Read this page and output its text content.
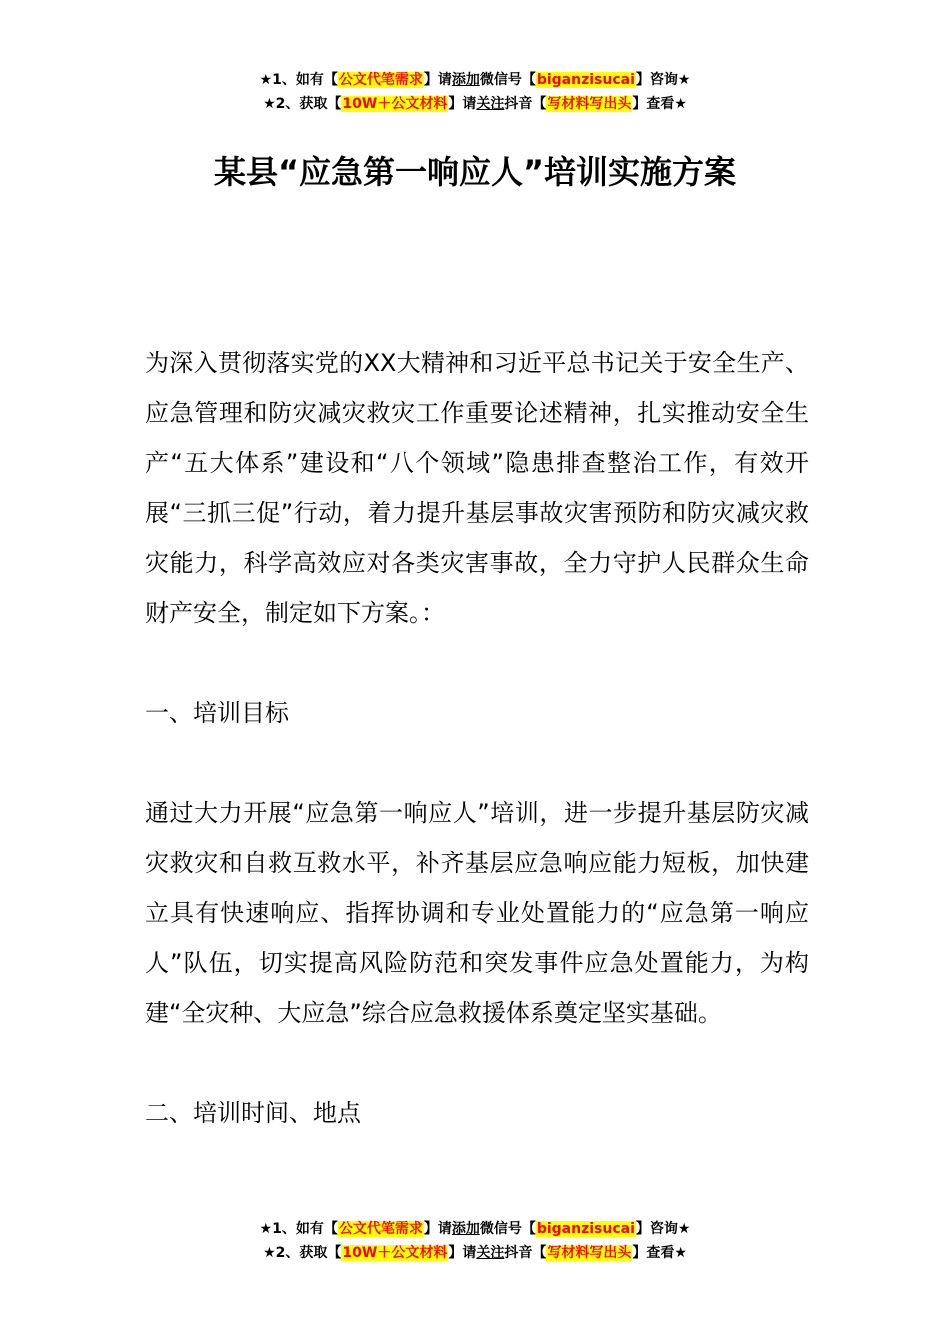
★1、如有【公文代笔需求】请添加微信号【biganzisucai】咨询★
★2、获取【10W＋公文材料】请关注抖音【写材料写出头】查看★
某县“应急第一响应人”培训实施方案

为深入贯彻落实党的XX大精神和习近平总书记关于安全生产、应急管理和防灾减灾救灾工作重要论述精神，扎实推动安全生产“五大体系”建设和“八个领域”隐患排查整治工作，有效开展“三抓三促”行动，着力提升基层事故灾害预防和防灾减灾救灾能力，科学高效应对各类灾害事故，全力守护人民群众生命财产安全，制定如下方案。：

一、培训目标

通过大力开展“应急第一响应人”培训，进一步提升基层防灾减灾救灾和自救互救水平，补齐基层应急响应能力短板，加快建立具有快速响应、指挥协调和专业处置能力的“应急第一响应人”队伍，切实提高风险防范和突发事件应急处置能力，为构建“全灾种、大应急”综合应急救援体系奠定坚实基础。

二、培训时间、地点

★1、如有【公文代笔需求】请添加微信号【biganzisucai】咨询★
★2、获取【10W＋公文材料】请关注抖音【写材料写出头】查看★
